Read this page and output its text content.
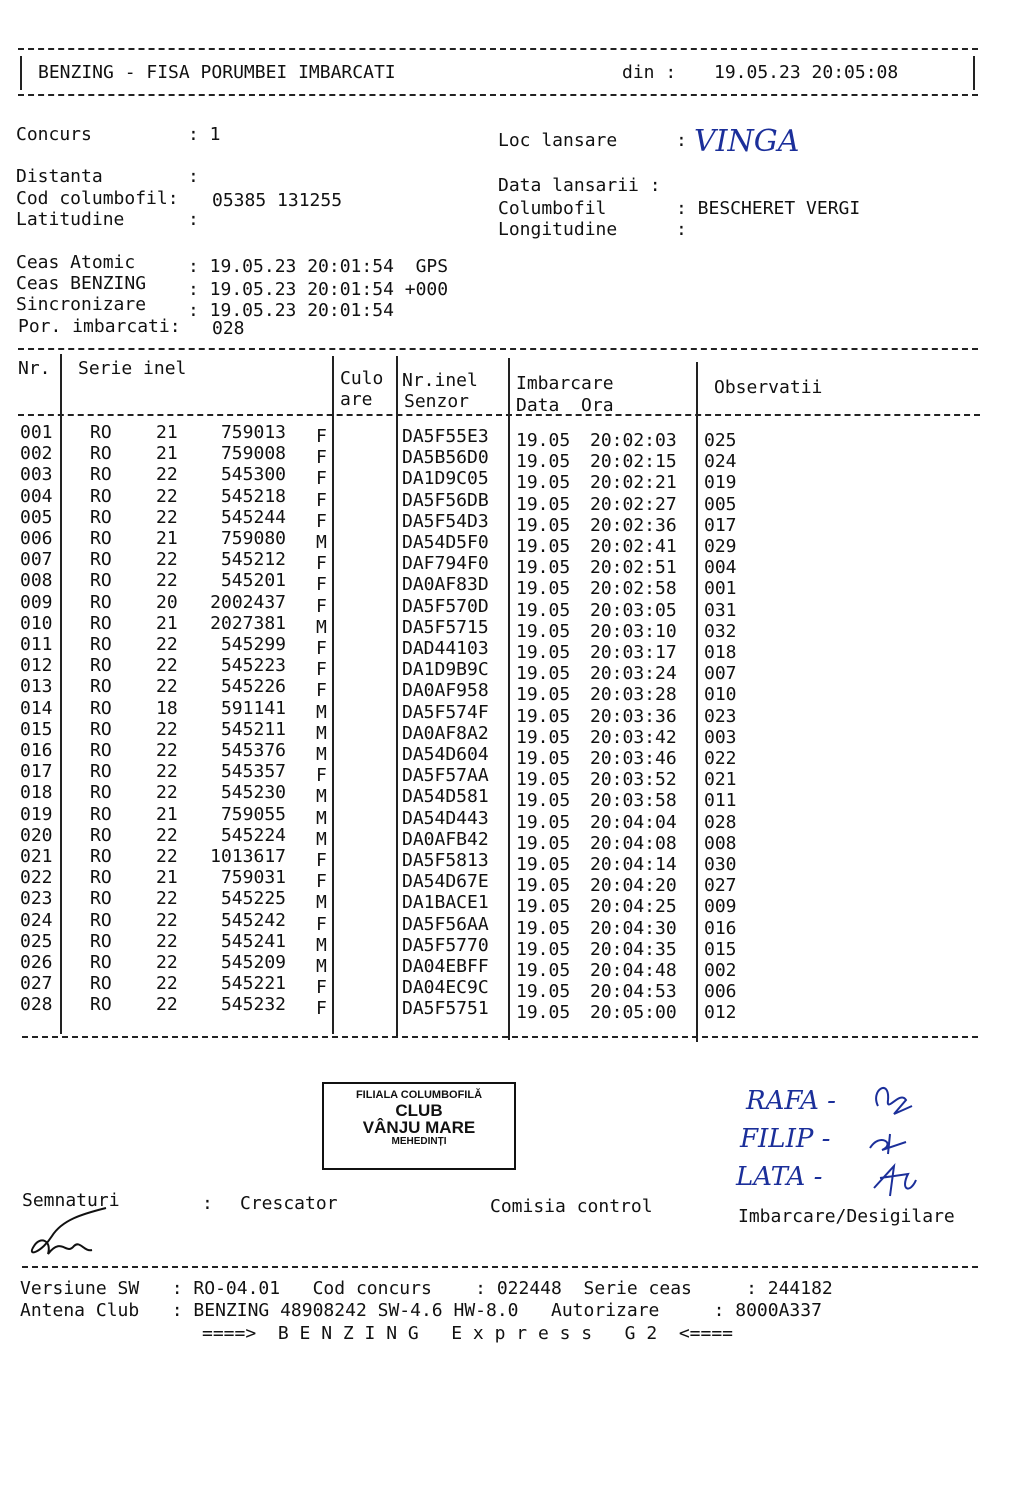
BENZING - FISA PORUMBEI IMBARCATI	din : 19.05.23 20:05:08
Concurs	: 1	Loc lansare	: VINGA
Distanta	:
Cod columbofil: 05385 131255
Latitudine	:
Data lansarii :
Columbofil	: BESCHERET VERGI
Longitudine	:
Ceas Atomic	: 19.05.23 20:01:54  GPS
Ceas BENZING : 19.05.23 20:01:54 +000
Sincronizare : 19.05.23 20:01:54
Por. imbarcati: 028
Nr. Serie inel	Culo
are
Nr.inel
Senzor
Imbarcare
Data  Ora
Observatii
001 RO 21	759013 F	DA5F55E3 19.05 20:02:03 025
002 RO 21	759008 F	DA5B56D0 19.05 20:02:15 024
003 RO 22	545300 F	DA1D9C05 19.05 20:02:21 019
004 RO 22	545218 F	DA5F56DB 19.05 20:02:27 005
005 RO 22	545244 F	DA5F54D3 19.05 20:02:36 017
006 RO 21	759080 M	DA54D5F0 19.05 20:02:41 029
007 RO 22	545212 F	DAF794F0 19.05 20:02:51 004
008 RO 22	545201 F	DA0AF83D 19.05 20:02:58 001
009 RO 20	2002437 F	DA5F570D 19.05 20:03:05 031
010 RO 21	2027381 M	DA5F5715 19.05 20:03:10 032
011 RO 22	545299 F	DAD44103 19.05 20:03:17 018
012 RO 22	545223 F	DA1D9B9C 19.05 20:03:24 007
013 RO 22	545226 F	DA0AF958 19.05 20:03:28 010
014 RO 18	591141 M	DA5F574F 19.05 20:03:36 023
015 RO 22	545211 M	DA0AF8A2 19.05 20:03:42 003
016 RO 22	545376 M	DA54D604 19.05 20:03:46 022
017 RO 22	545357 F	DA5F57AA 19.05 20:03:52 021
018 RO 22	545230 M	DA54D581 19.05 20:03:58 011
019 RO 21	759055 M	DA54D443 19.05 20:04:04 028
020 RO 22	545224 M	DA0AFB42 19.05 20:04:08 008
021 RO 22	1013617 F	DA5F5813 19.05 20:04:14 030
022 RO 21	759031 F	DA54D67E 19.05 20:04:20 027
023 RO 22	545225 M	DA1BACE1 19.05 20:04:25 009
024 RO 22	545242 F	DA5F56AA 19.05 20:04:30 016
025 RO 22	545241 M	DA5F5770 19.05 20:04:35 015
026 RO 22	545209 M	DA04EBFF 19.05 20:04:48 002
027 RO 22	545221 F	DA04EC9C 19.05 20:04:53 006
028 RO 22	545232 F	DA5F5751 19.05 20:05:00 012
FILIALA COLUMBOFILĂ
CLUB
VÂNJU MARE
MEHEDINȚI
RAFA -
FILIP -
LATA -
Semnaturi	: Crescator	Comisia control	Imbarcare/Desigilare
Versiune SW   : RO-04.01   Cod concurs    : 022448  Serie ceas     : 244182
Antena Club   : BENZING 48908242 SW-4.6 HW-8.0   Autorizare     : 8000A337
====>  B E N Z I N G   E x p r e s s   G 2  <====
